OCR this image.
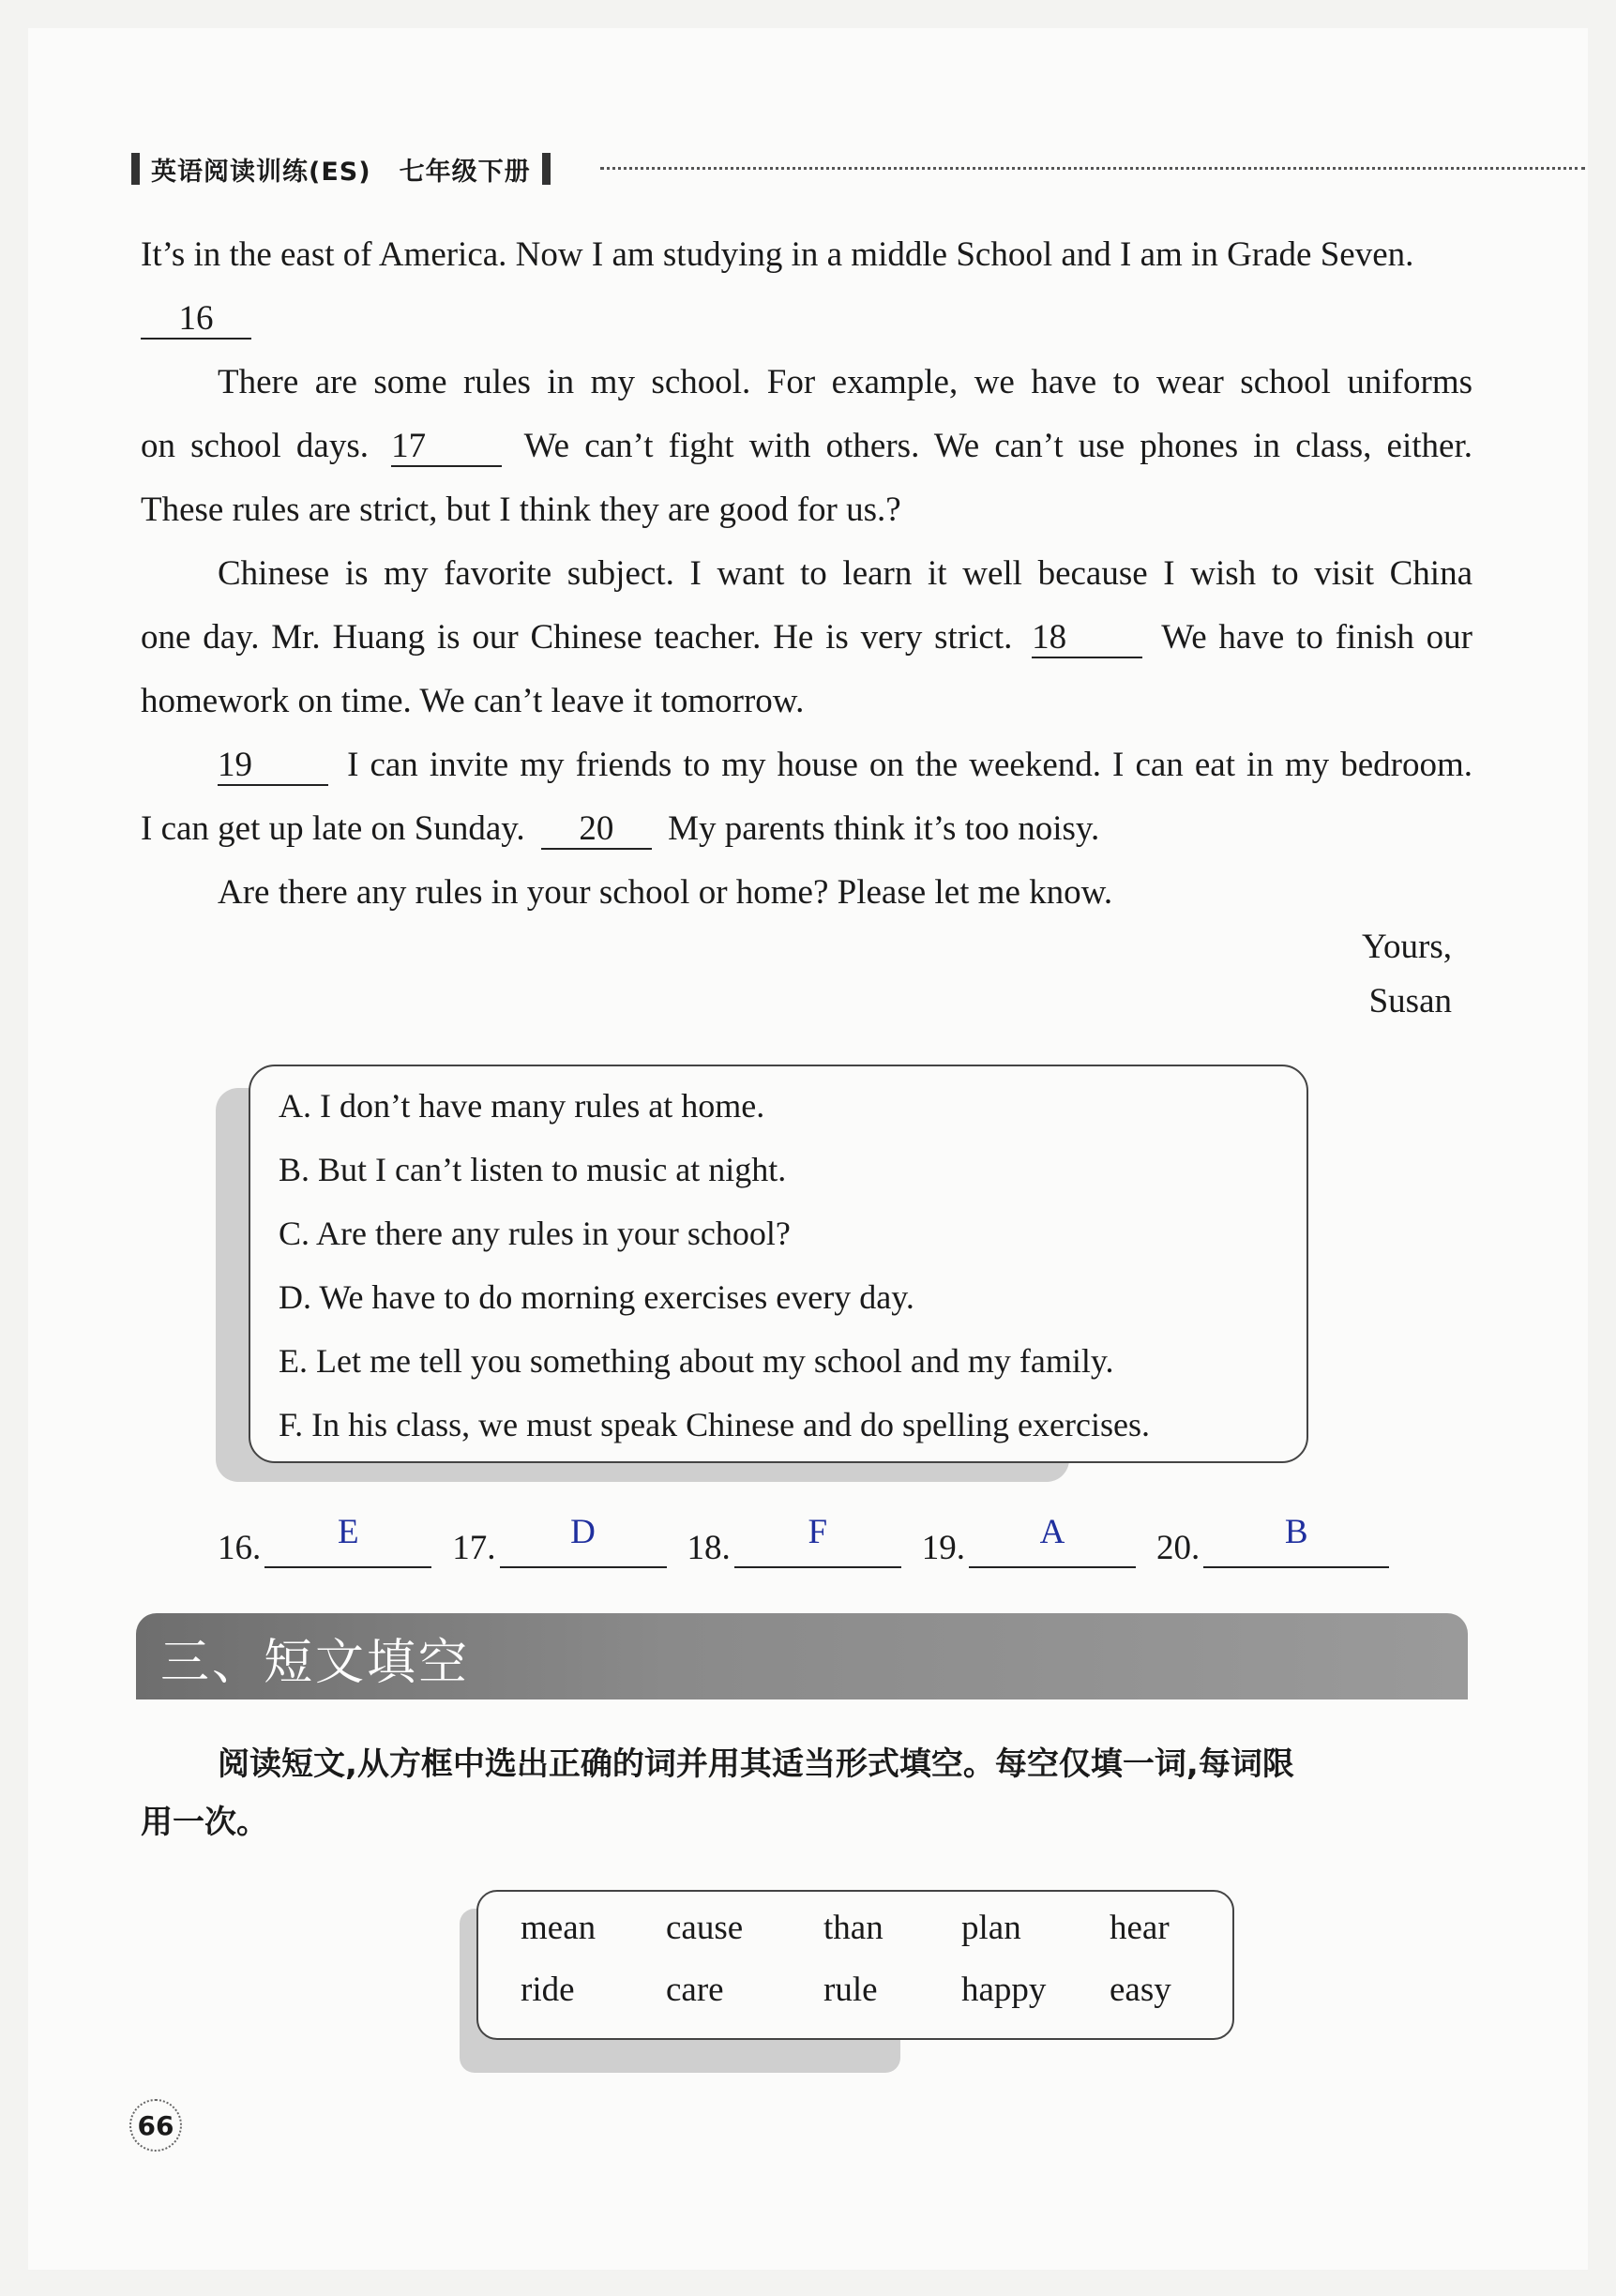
英语阅读训练(ES) 七年级下册
It’s in the east of America. Now I am studying in a middle School and I am in Grade Seven.
16
There are some rules in my school. For example, we have to wear school uniforms
on school days. 17	We can’t fight with others. We can’t use phones in class, either.
These rules are strict, but I think they are good for us.?
Chinese is my favorite subject. I want to learn it well because I wish to visit China
one day. Mr. Huang is our Chinese teacher. He is very strict. 18	We have to finish our
homework on time. We can’t leave it tomorrow.
19	I can invite my friends to my house on the weekend. I can eat in my bedroom.
I can get up late on Sunday. 20 My parents think it’s too noisy.
Are there any rules in your school or home? Please let me know.
Yours,
Susan
A. I don’t have many rules at home.
B. But I can’t listen to music at night.
C. Are there any rules in your school?
D. We have to do morning exercises every day.
E. Let me tell you something about my school and my family.
F. In his class, we must speak Chinese and do spelling exercises.
16.	E	17.	D	18.	F	19.	A	20.	B
三、短文填空
阅读短文,从方框中选出正确的词并用其适当形式填空。每空仅填一词,每词限
用一次。
mean	cause	than	plan	hear
ride	care	rule	happy	easy
66
